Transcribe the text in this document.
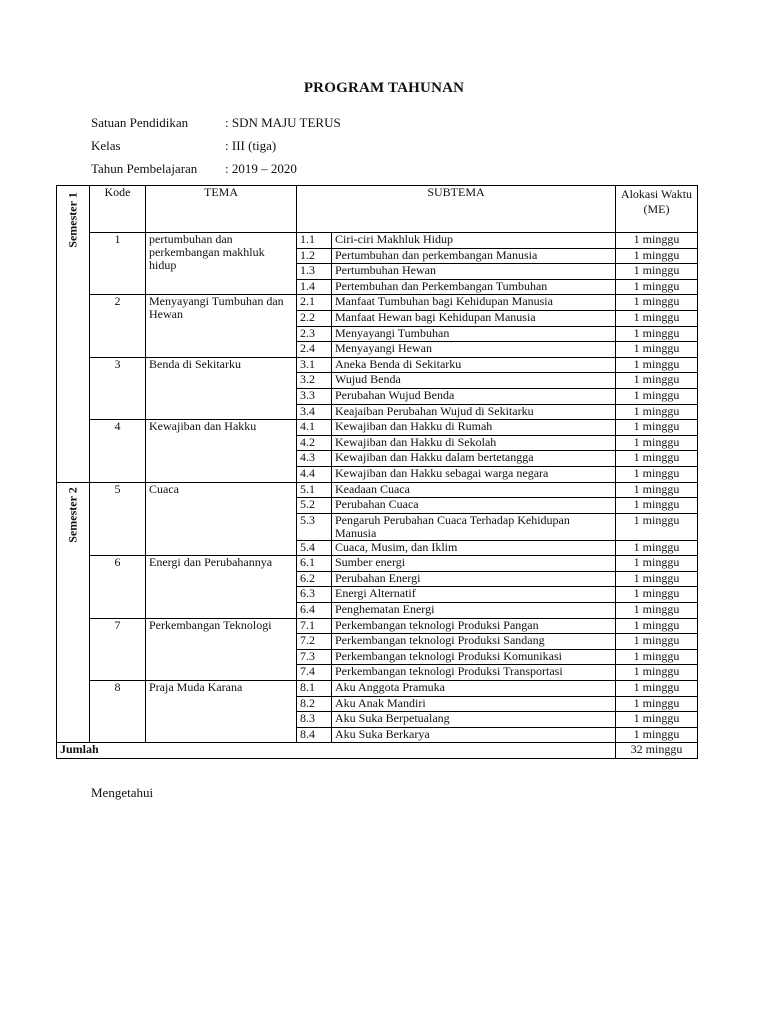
PROGRAM TAHUNAN
Satuan Pendidikan	: SDN MAJU TERUS
Kelas	: III (tiga)
Tahun Pembelajaran : 2019 – 2020
Semester 1	Kode	TEMA	SUBTEMA		Alokasi Waktu (ME)
	1	pertumbuhan dan perkembangan makhluk hidup	1.1	Ciri-ciri Makhluk Hidup	1 minggu
			1.2	Pertumbuhan dan perkembangan Manusia	1 minggu
			1.3	Pertumbuhan Hewan	1 minggu
			1.4	Pertembuhan dan Perkembangan Tumbuhan	1 minggu
	2	Menyayangi Tumbuhan dan Hewan	2.1	Manfaat Tumbuhan bagi Kehidupan Manusia	1 minggu
			2.2	Manfaat Hewan bagi Kehidupan Manusia	1 minggu
			2.3	Menyayangi Tumbuhan	1 minggu
			2.4	Menyayangi Hewan	1 minggu
	3	Benda di Sekitarku	3.1	Aneka Benda di Sekitarku	1 minggu
			3.2	Wujud Benda	1 minggu
			3.3	Perubahan Wujud Benda	1 minggu
			3.4	Keajaiban Perubahan Wujud di Sekitarku	1 minggu
	4	Kewajiban dan Hakku	4.1	Kewajiban dan Hakku di Rumah	1 minggu
			4.2	Kewajiban dan Hakku di Sekolah	1 minggu
			4.3	Kewajiban dan Hakku dalam bertetangga	1 minggu
			4.4	Kewajiban dan Hakku sebagai warga negara	1 minggu

Semester 2	5	Cuaca	5.1	Keadaan Cuaca	1 minggu
			5.2	Perubahan Cuaca	1 minggu
			5.3	Pengaruh Perubahan Cuaca Terhadap Kehidupan Manusia	1 minggu
			5.4	Cuaca, Musim, dan Iklim	1 minggu
	6	Energi dan Perubahannya	6.1	Sumber energi	1 minggu
			6.2	Perubahan Energi	1 minggu
			6.3	Energi Alternatif	1 minggu
			6.4	Penghematan Energi	1 minggu
	7	Perkembangan Teknologi	7.1	Perkembangan teknologi Produksi Pangan	1 minggu
			7.2	Perkembangan teknologi Produksi Sandang	1 minggu
			7.3	Perkembangan teknologi Produksi Komunikasi	1 minggu
			7.4	Perkembangan teknologi Produksi Transportasi	1 minggu
	8	Praja Muda Karana	8.1	Aku Anggota Pramuka	1 minggu
			8.2	Aku Anak Mandiri	1 minggu
			8.3	Aku Suka Berpetualang	1 minggu
			8.4	Aku Suka Berkarya	1 minggu
Jumlah					32 minggu
Mengetahui
